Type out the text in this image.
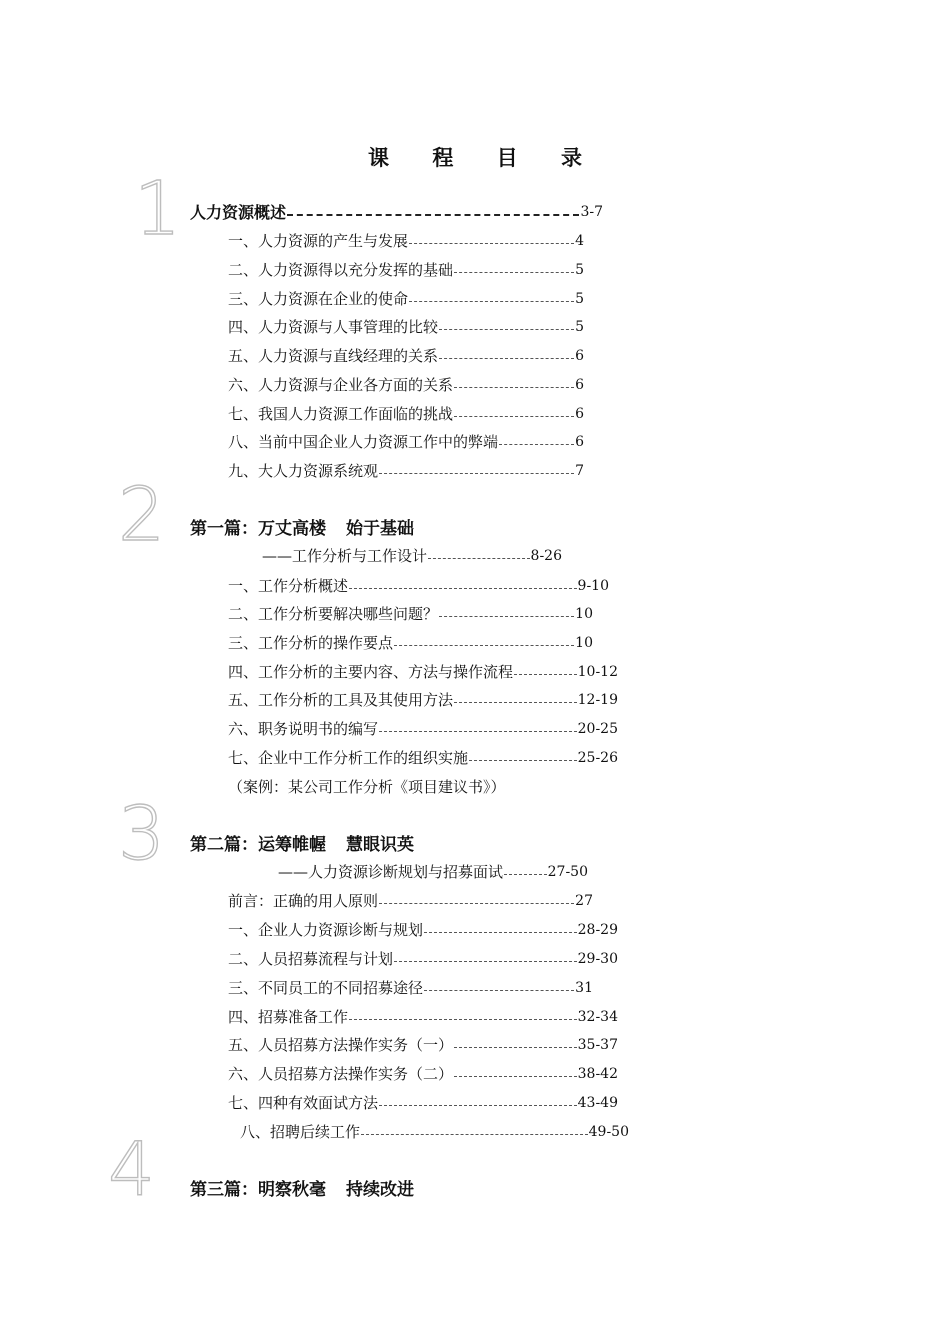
课 程 目 录
1 人力资源概述	3-7
一、人力资源的产生与发展	4
二、人力资源得以充分发挥的基础	5
三、人力资源在企业的使命	5
四、人力资源与人事管理的比较	5
五、人力资源与直线经理的关系	6
六、人力资源与企业各方面的关系	6
七、我国人力资源工作面临的挑战	6
八、当前中国企业人力资源工作中的弊端	6
九、大人力资源系统观	7
2 第一篇：万丈高楼 始于基础
——工作分析与工作设计	8-26
一、工作分析概述	9-10
二、工作分析要解决哪些问题？	10
三、工作分析的操作要点	10
四、工作分析的主要内容、方法与操作流程	10-12
五、工作分析的工具及其使用方法	12-19
六、职务说明书的编写	20-25
七、企业中工作分析工作的组织实施	25-26
（案例：某公司工作分析《项目建议书》）
3 第二篇：运筹帷幄 慧眼识英
——人力资源诊断规划与招募面试	27-50
前言：正确的用人原则	27
一、企业人力资源诊断与规划	28-29
二、人员招募流程与计划	29-30
三、不同员工的不同招募途径	31
四、招募准备工作	32-34
五、人员招募方法操作实务（一）	35-37
六、人员招募方法操作实务（二）	38-42
七、四种有效面试方法	43-49
八、招聘后续工作	49-50
4 第三篇：明察秋毫 持续改进
